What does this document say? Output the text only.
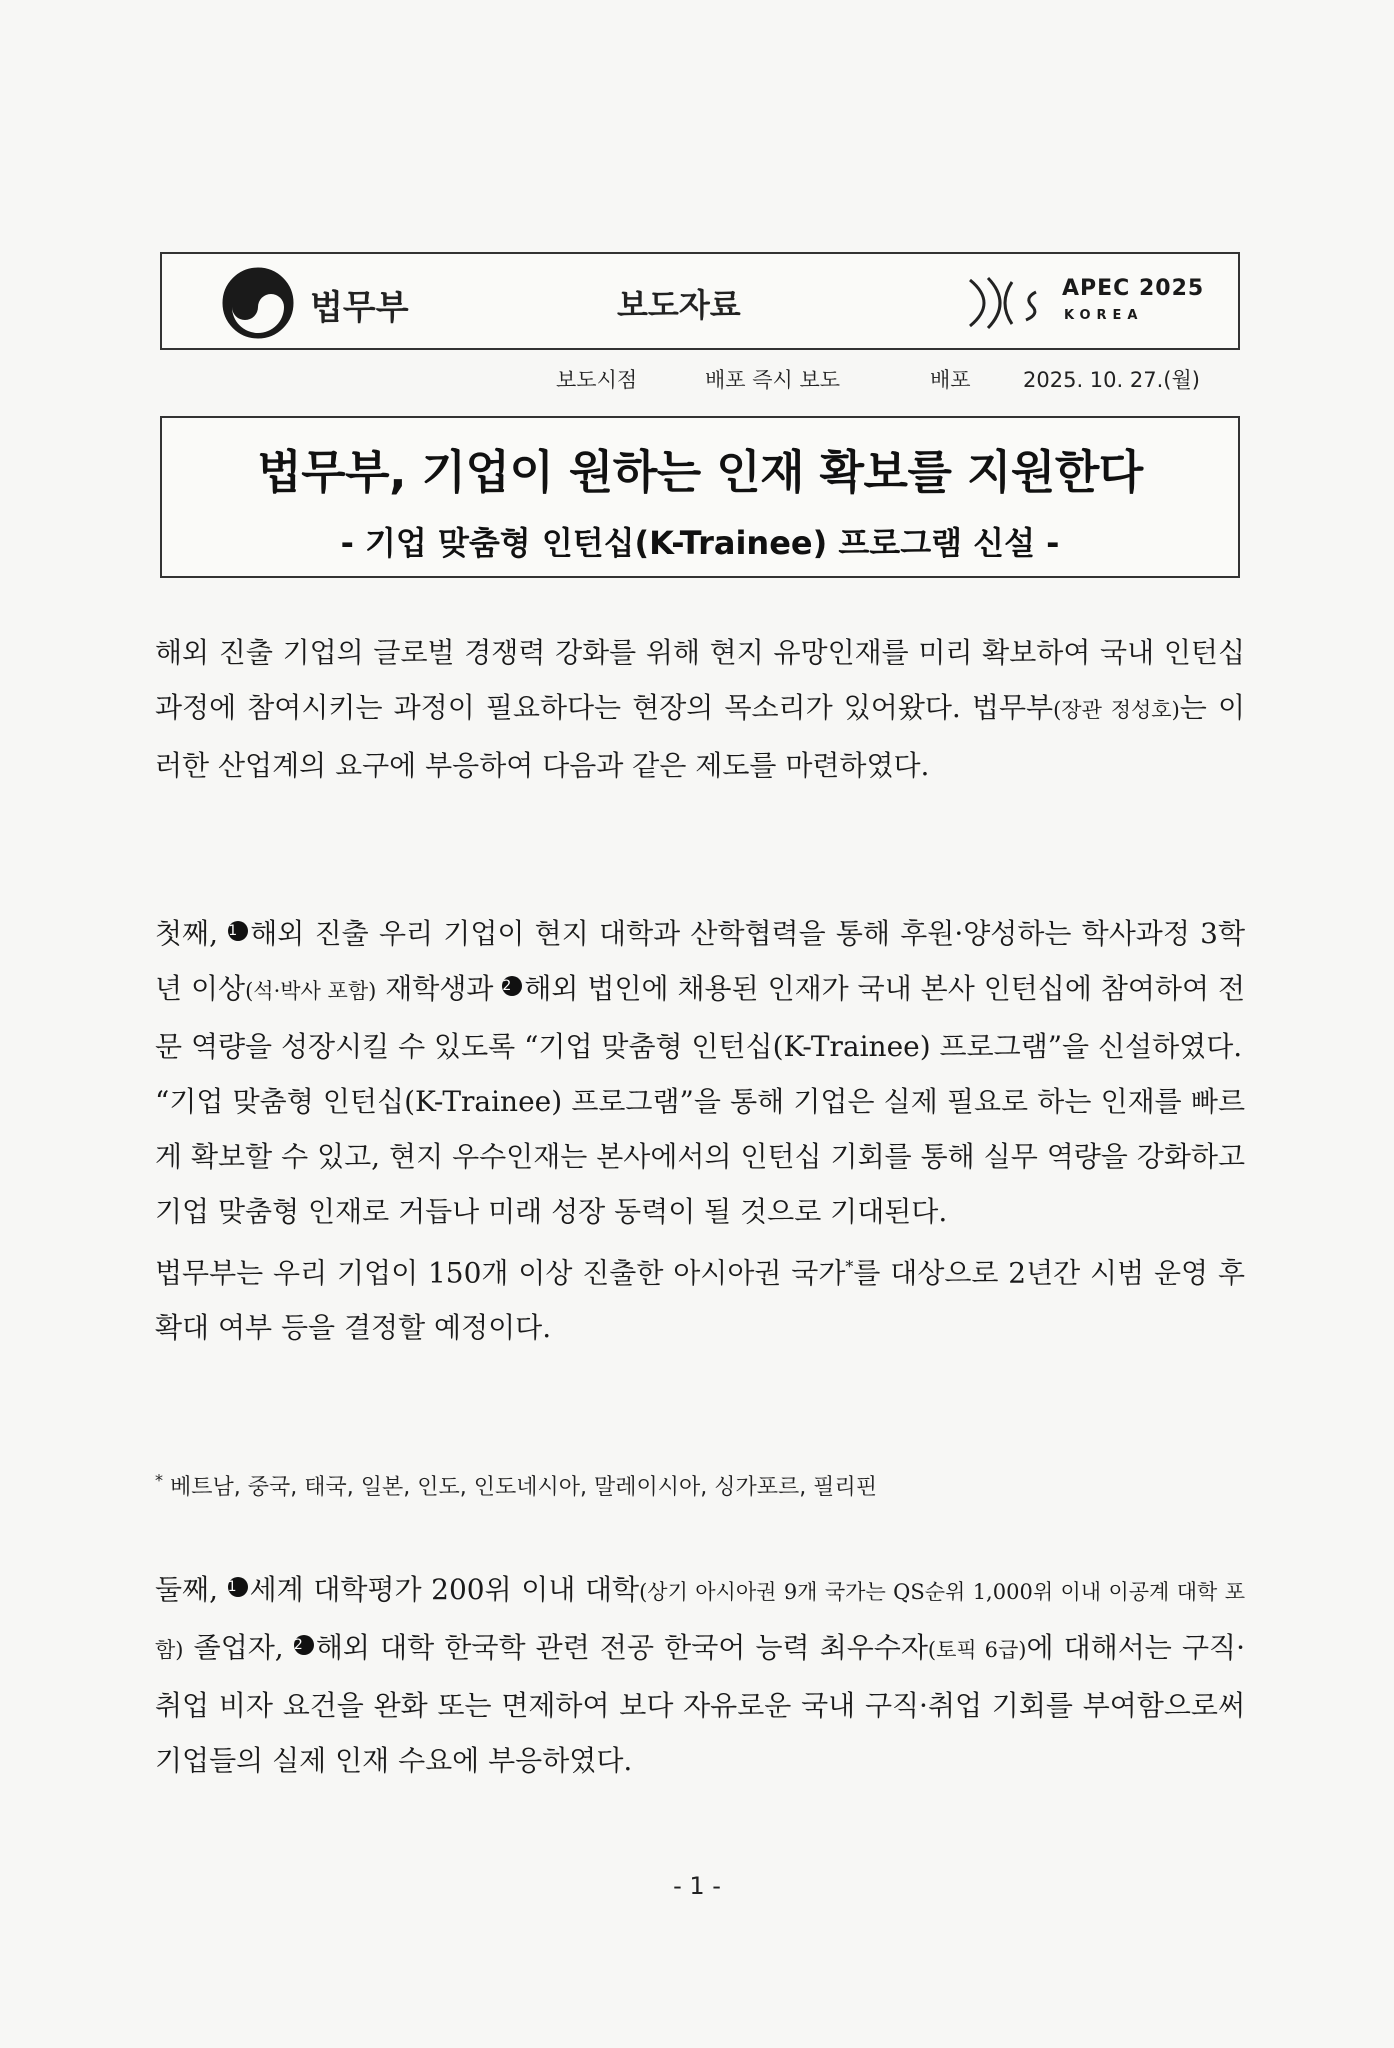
법무부	보도자료	APEC 2025
KOREA
보도시점	배포 즉시 보도	배포 2025. 10. 27.(월)
법무부, 기업이 원하는 인재 확보를 지원한다
- 기업 맞춤형 인턴십(K-Trainee) 프로그램 신설 -
해외 진출 기업의 글로벌 경쟁력 강화를 위해 현지 유망인재를 미리 확보하여 국내 인턴십 과정에 참여시키는 과정이 필요하다는 현장의 목소리가 있어왔다. 법무부(장관 정성호)는 이러한 산업계의 요구에 부응하여 다음과 같은 제도를 마련하였다.
첫째, 1 해외 진출 우리 기업이 현지 대학과 산학협력을 통해 후원·양성하는 학사과정 3학년 이상(석·박사 포함) 재학생과 2 해외 법인에 채용된 인재가 국내 본사 인턴십에 참여하여 전문 역량을 성장시킬 수 있도록 “기업 맞춤형 인턴십(K-Trainee) 프로그램”을 신설하였다.
“기업 맞춤형 인턴십(K-Trainee) 프로그램”을 통해 기업은 실제 필요로 하는 인재를 빠르게 확보할 수 있고, 현지 우수인재는 본사에서의 인턴십 기회를 통해 실무 역량을 강화하고 기업 맞춤형 인재로 거듭나 미래 성장 동력이 될 것으로 기대된다.
법무부는 우리 기업이 150개 이상 진출한 아시아권 국가*를 대상으로 2년간 시범 운영 후 확대 여부 등을 결정할 예정이다.
* 베트남, 중국, 태국, 일본, 인도, 인도네시아, 말레이시아, 싱가포르, 필리핀
둘째, 1 세계 대학평가 200위 이내 대학(상기 아시아권 9개 국가는 QS순위 1,000위 이내 이공계 대학 포함) 졸업자, 2 해외 대학 한국학 관련 전공 한국어 능력 최우수자(토픽 6급)에 대해서는 구직·취업 비자 요건을 완화 또는 면제하여 보다 자유로운 국내 구직·취업 기회를 부여함으로써 기업들의 실제 인재 수요에 부응하였다.
- 1 -
